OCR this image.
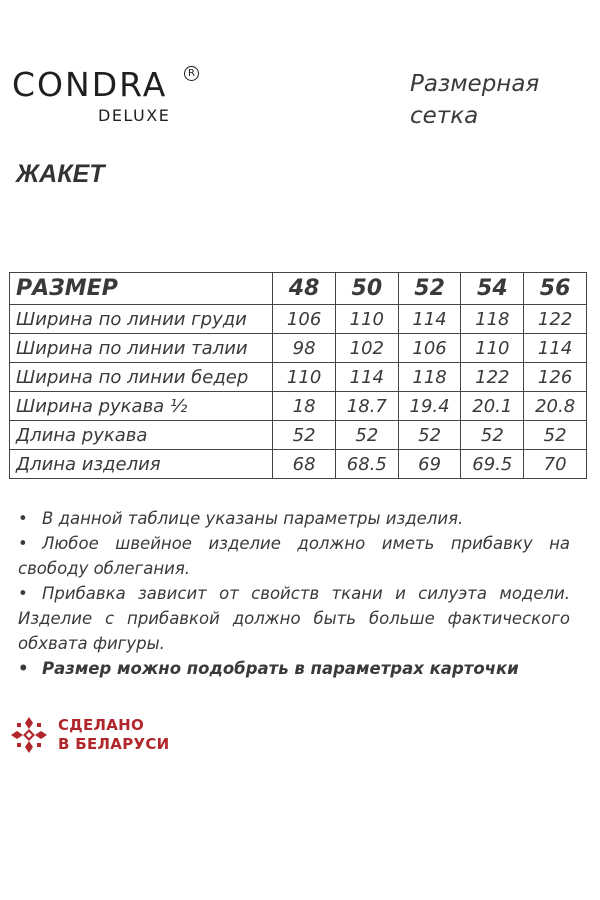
CONDRA	R
DELUXE
Размерная
сетка
ЖАКЕТ
РАЗМЕР	48	50	52	54	56
Ширина по линии груди	106	110	114	118	122
Ширина по линии талии	98	102	106	110	114
Ширина по линии бедер	110	114	118	122	126
Ширина рукава ½	18	18.7	19.4	20.1	20.8
Длина рукава	52	52	52	52	52
Длина изделия	68	68.5	69	69.5	70

• В данной таблице указаны параметры изделия.

• Любое швейное изделие должно иметь прибавку на свободу облегания.

• Прибавка зависит от свойств ткани и силуэта модели. Изделие с прибавкой должно быть больше фактического обхвата фигуры.

• Размер можно подобрать в параметрах карточки

СДЕЛАНО
В БЕЛАРУСИ
